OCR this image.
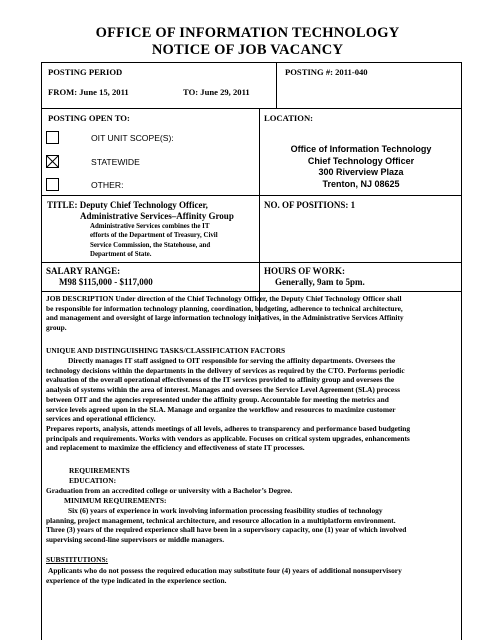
OFFICE OF INFORMATION TECHNOLOGY
NOTICE OF JOB VACANCY
POSTING PERIOD	POSTING #: 2011-040
FROM: June 15, 2011	TO: June 29, 2011
POSTING OPEN TO:
OIT UNIT SCOPE(S):
STATEWIDE
OTHER:
LOCATION:
Office of Information Technology
Chief Technology Officer
300 Riverview Plaza
Trenton, NJ 08625
TITLE: Deputy Chief Technology Officer,
Administrative Services–Affinity Group
Administrative Services combines the IT
efforts of the Department of Treasury, Civil
Service Commission, the Statehouse, and
Department of State.
NO. OF POSITIONS: 1
SALARY RANGE:
M98 $115,000 - $117,000
HOURS OF WORK:
Generally, 9am to 5pm.
JOB DESCRIPTION Under direction of the Chief Technology Officer, the Deputy Chief Technology Officer shall
be responsible for information technology planning, coordination, budgeting, adherence to technical architecture,
and management and oversight of large information technology initiatives, in the Administrative Services Affinity
group.
UNIQUE AND DISTINGUISHING TASKS/CLASSIFICATION FACTORS
Directly manages IT staff assigned to OIT responsible for serving the affinity departments. Oversees the
technology decisions within the departments in the delivery of services as required by the CTO. Performs periodic
evaluation of the overall operational effectiveness of the IT services provided to affinity group and oversees the
analysis of systems within the area of interest. Manages and oversees the Service Level Agreement (SLA) process
between OIT and the agencies represented under the affinity group. Accountable for meeting the metrics and
service levels agreed upon in the SLA. Manage and organize the workflow and resources to maximize customer
services and operational efficiency.
Prepares reports, analysis, attends meetings of all levels, adheres to transparency and performance based budgeting
principals and requirements. Works with vendors as applicable. Focuses on critical system upgrades, enhancements
and replacement to maximize the efficiency and effectiveness of state IT processes.
REQUIREMENTS
EDUCATION:
Graduation from an accredited college or university with a Bachelor’s Degree.
MINIMUM REQUIREMENTS:
Six (6) years of experience in work involving information processing feasibility studies of technology
planning, project management, technical architecture, and resource allocation in a multiplatform environment.
Three (3) years of the required experience shall have been in a supervisory capacity, one (1) year of which involved
supervising second-line supervisors or middle managers.
SUBSTITUTIONS:
Applicants who do not possess the required education may substitute four (4) years of additional nonsupervisory
experience of the type indicated in the experience section.
